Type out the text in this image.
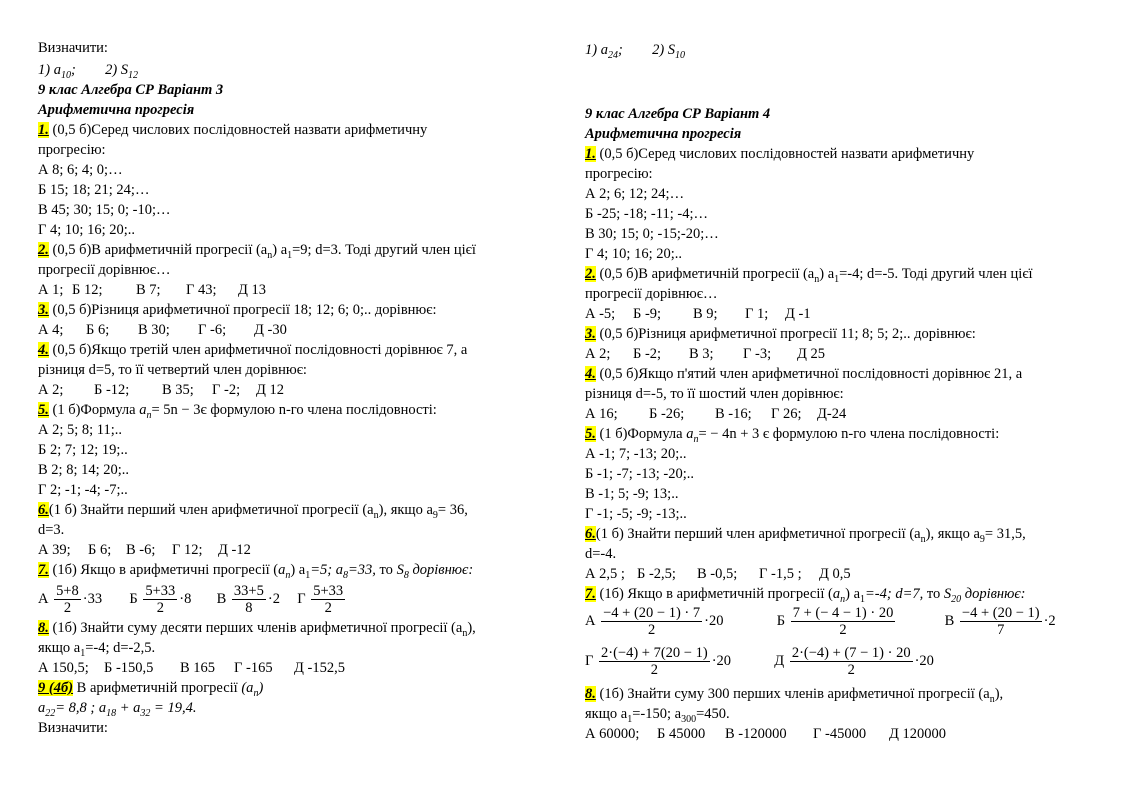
Визначити:
1) $a_{10}$; 2) $S_{12}$
9 клас Алгебра СР Варіант 3
Арифметична прогресія
1. (0,5 б)Серед числових послідовностей назвати арифметичну
прогресію:
А 8; 6; 4; 0;…
Б 15; 18; 21; 24;…
В 45; 30; 15; 0; -10;…
Г 4; 10; 16; 20;..
2. (0,5 б)В арифметичній прогресії $(a_n)$ $a_1=9$; d=3. Тоді другий член цієї
прогресії дорівнює…
А 1; Б 12; В 7; Г 43; Д 13
3. (0,5 б)Різниця арифметичної прогресії 18; 12; 6; 0;.. дорівнює:
А 4; Б 6; В 30; Г -6; Д -30
4. (0,5 б)Якщо третій член арифметичної послідовності дорівнює 7, а
різниця d=5, то її четвертий член дорівнює:
А 2; Б -12; В 35; Г -2; Д 12
5. (1 б)Формула $a_n= 5n - 3є$ формулою n-го члена послідовності:
А 2; 5; 8; 11;..
Б 2; 7; 12; 19;..
В 2; 8; 14; 20;..
Г 2; -1; -4; -7;..
6.(1 б) Знайти перший член арифметичної прогресії $(a_n)$, якщо $a_9= 36$,
d=3.
А 39; Б 6; В -6; Г 12; Д -12
7. (1б) Якщо в арифметичні прогресії $(a_n)$ $a_1=5$; $a_8=33$, то $S_8$ дорівнює:
А $\frac{5+8}{2} \cdot 33$ Б $\frac{5+33}{2} \cdot 8$ В $\frac{33+5}{8} \cdot 2$ Г $\frac{5+33}{2}$
8. (1б) Знайти суму десяти перших членів арифметичної прогресії $(a_n)$,
якщо $a_1=-4$; d=-2,5.
А 150,5; Б -150,5 В 165 Г -165 Д -152,5
9 (4б) В арифметичній прогресії $(a_n)$
$a_{22}= 8,8$ ; $a_{18} + a_{32} = 19,4$.
Визначити:
1) $a_{24}$; 2) $S_{10}$
9 клас Алгебра СР Варіант 4
Арифметична прогресія
1. (0,5 б)Серед числових послідовностей назвати арифметичну
прогресію:
А 2; 6; 12; 24;…
Б -25; -18; -11; -4;…
В 30; 15; 0; -15;-20;…
Г 4; 10; 16; 20;..
2. (0,5 б)В арифметичній прогресії $(a_n)$ $a_1=-4$; d=-5. Тоді другий член цієї
прогресії дорівнює…
А -5; Б -9; В 9; Г 1; Д -1
3. (0,5 б)Різниця арифметичної прогресії 11; 8; 5; 2;.. дорівнює:
А 2; Б -2; В 3; Г -3; Д 25
4. (0,5 б)Якщо п'ятий член арифметичної послідовності дорівнює 21, а
різниця d=-5, то її шостий член дорівнює:
А 16; Б -26; В -16; Г 26; Д-24
5. (1 б)Формула $a_n= - 4n + 3$ є формулою n-го члена послідовності:
А -1; 7; -13; 20;..
Б -1; -7; -13; -20;..
В -1; 5; -9; 13;..
Г -1; -5; -9; -13;..
6.(1 б) Знайти перший член арифметичної прогресії $(a_n)$, якщо $a_9= 31,5$,
d=-4.
А 2,5 ; Б -2,5; В -0,5; Г -1,5 ; Д 0,5
7. (1б) Якщо в арифметичній прогресії $(a_n)$ $a_1=-4$; d=7, то $S_{20}$ дорівнює:
А $\frac{-4 + (20 - 1) \cdot 7}{2} \cdot 20$	Б $\frac{7 + (- 4 - 1) \cdot 20}{2}$	В $\frac{-4 + (20 - 1)}{7} \cdot 2$
Г $\frac{2\cdot(-4) + 7(20 - 1)}{2} \cdot 20$	Д $\frac{2\cdot(-4) + (7 - 1) \cdot 20}{2} \cdot 20$
8. (1б) Знайти суму 300 перших членів арифметичної прогресії $(a_n)$,
якщо $a_1=-150$; $a_{300}=450$.
А 60000; Б 45000 В -120000 Г -45000 Д 120000
